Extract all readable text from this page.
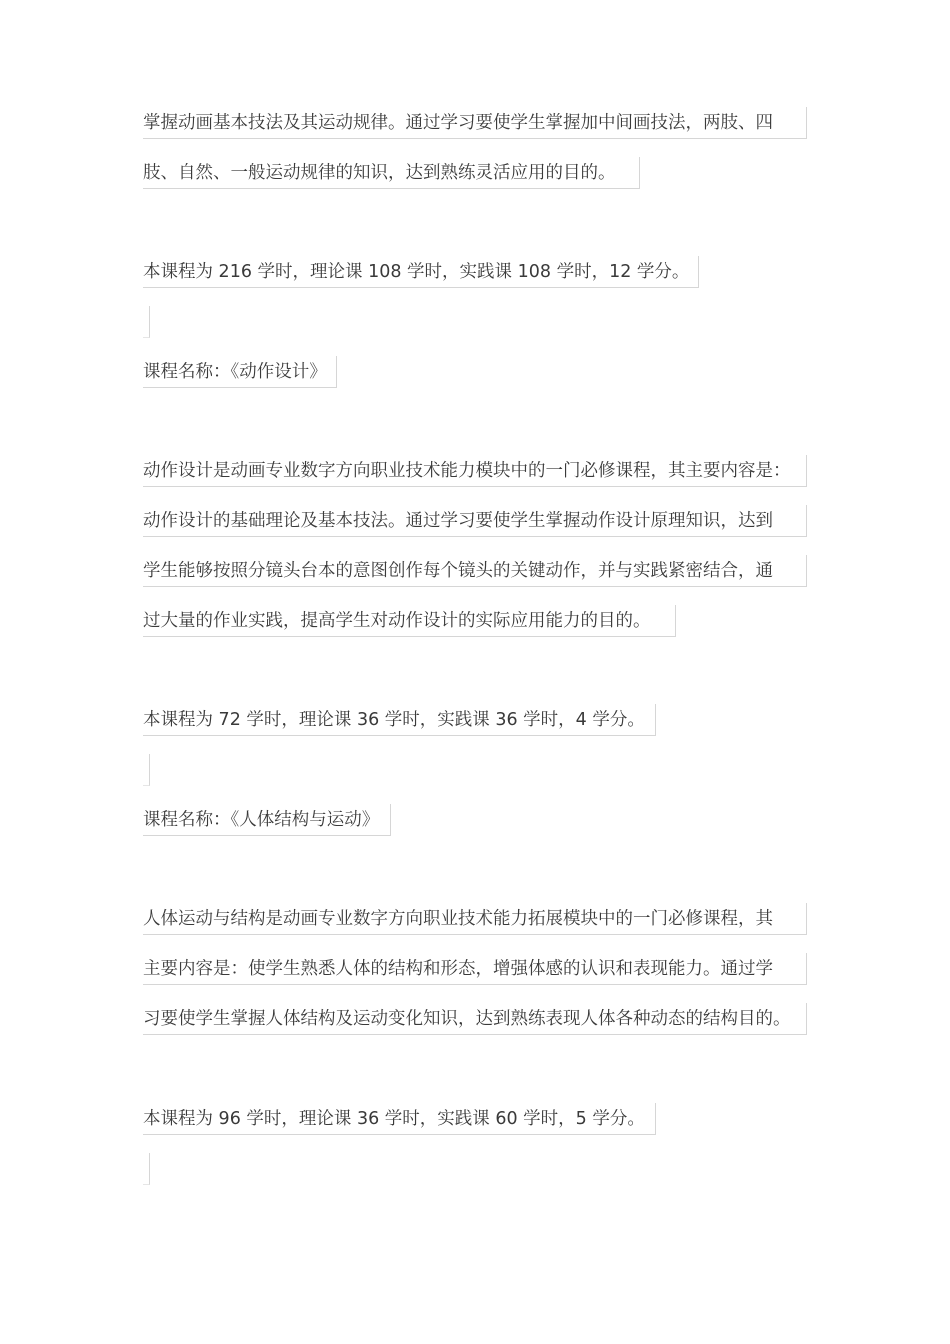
掌握动画基本技法及其运动规律。通过学习要使学生掌握加中间画技法，两肢、四
肢、自然、一般运动规律的知识，达到熟练灵活应用的目的。
本课程为 216 学时，理论课 108 学时，实践课 108 学时，12 学分。
课程名称：《动作设计》
动作设计是动画专业数字方向职业技术能力模块中的一门必修课程，其主要内容是：
动作设计的基础理论及基本技法。通过学习要使学生掌握动作设计原理知识，达到
学生能够按照分镜头台本的意图创作每个镜头的关键动作，并与实践紧密结合，通
过大量的作业实践，提高学生对动作设计的实际应用能力的目的。
本课程为 72 学时，理论课 36 学时，实践课 36 学时，4 学分。
课程名称：《人体结构与运动》
人体运动与结构是动画专业数字方向职业技术能力拓展模块中的一门必修课程，其
主要内容是：使学生熟悉人体的结构和形态，增强体感的认识和表现能力。通过学
习要使学生掌握人体结构及运动变化知识，达到熟练表现人体各种动态的结构目的。
本课程为 96 学时，理论课 36 学时，实践课 60 学时，5 学分。
